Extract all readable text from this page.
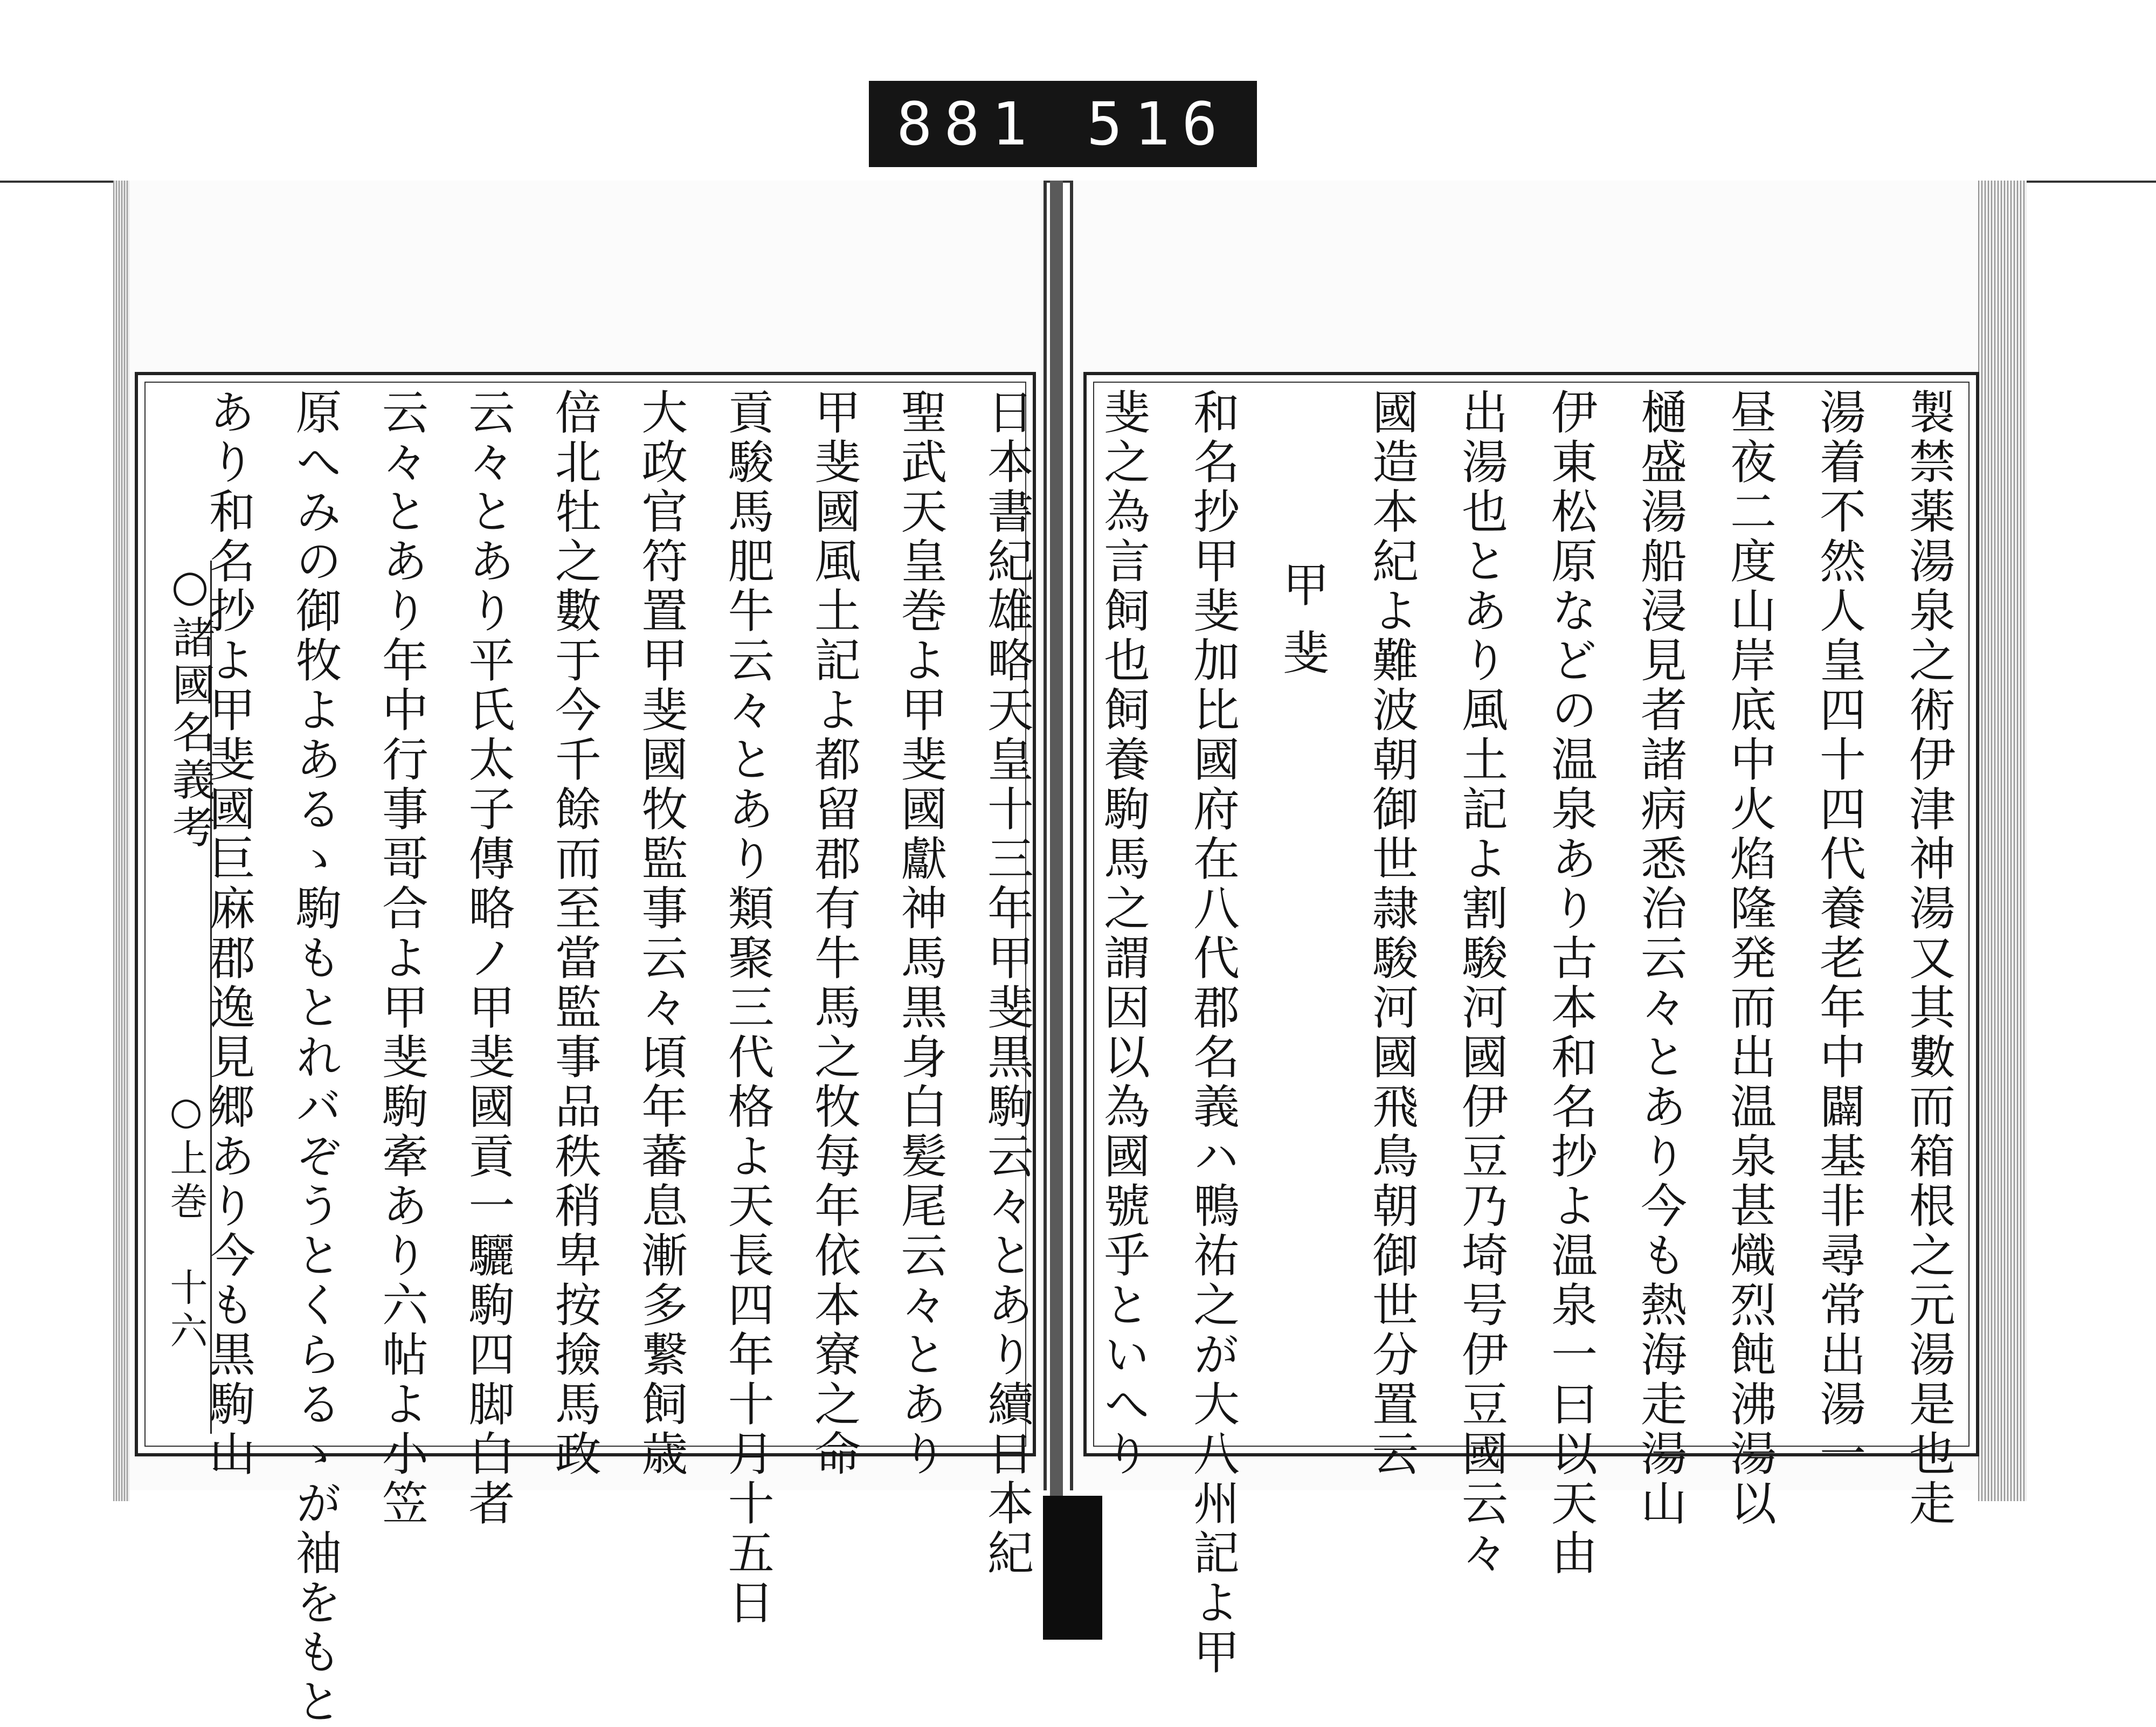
881 516
製禁薬湯泉之術伊津神湯又其數而箱根之元湯是也走
湯着不然人皇四十四代養老年中闢基非尋常出湯一
昼夜二度山岸底中火焰隆発而出温泉甚熾烈飩沸湯以
樋盛湯船浸見者諸病悉治云々とあり今も熱海走湯山
伊東松原などの温泉あり古本和名抄よ温泉一曰以天由
出湯也とあり風土記よ割駿河國伊豆乃埼号伊豆國云々
國造本紀よ難波朝御世隷駿河國飛鳥朝御世分置云
甲斐
和名抄甲斐加比國府在八代郡名義ハ鴨祐之が大八州記よ甲
斐之為言飼也飼養駒馬之謂因以為國號乎といへり
日本書紀雄略天皇十三年甲斐黒駒云々とあり續日本紀
聖武天皇巻よ甲斐國獻神馬黒身白髪尾云々とあり
甲斐國風土記よ都留郡有牛馬之牧每年依本寮之命
貢駿馬肥牛云々とあり類聚三代格よ天長四年十月十五日
大政官符置甲斐國牧監事云々頃年蕃息漸多繋飼歳
倍北牡之數于今千餘而至當監事品秩稍卑按撿馬政
云々とあり平氏太子傳略ノ甲斐國貢一驪駒四脚白者
云々とあり年中行事哥合よ甲斐駒牽あり六帖よ小笠
原へみの御牧よあるゝ駒もとれバぞうとくらるゝが袖をもと
あり和名抄よ甲斐國巨麻郡逸見郷あり今も黒駒山
○諸國名義考
○上巻　十六
